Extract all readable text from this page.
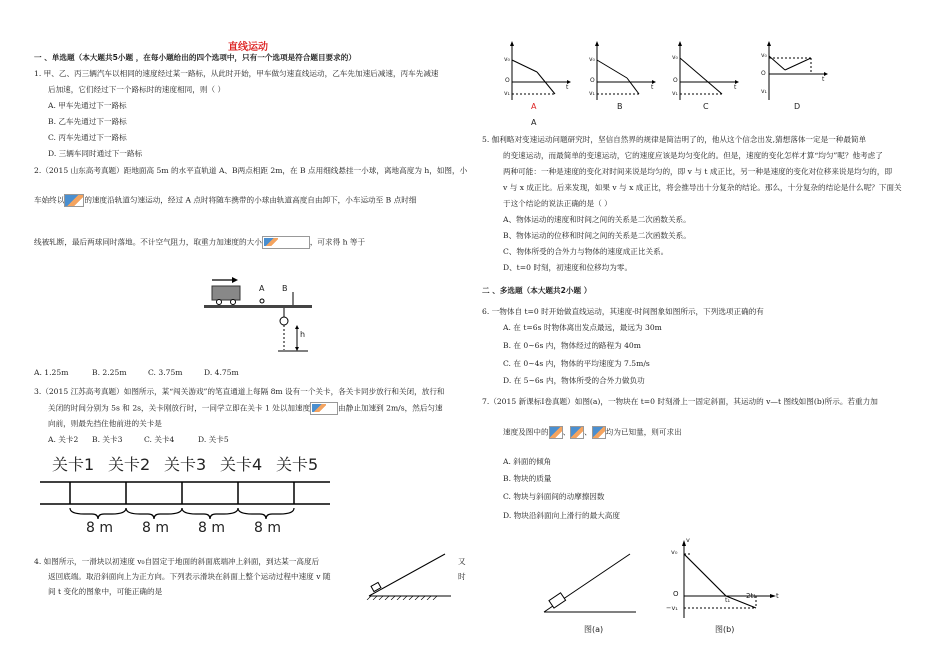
直线运动
一 、单选题（本大题共5小题 ，在每小题给出的四个选项中，只有一个选项是符合题目要求的）
1. 甲、乙、丙三辆汽车以相同的速度经过某一路标，从此时开始，甲车做匀速直线运动，乙车先加速后减速，丙车先减速
后加速，它们经过下一个路标时的速度相同，则（ ）
A. 甲车先通过下一路标
B. 乙车先通过下一路标
C. 丙车先通过下一路标
D. 三辆车同时通过下一路标
2.（2015 山东高考真题）距地面高 5m 的水平直轨道 A、B两点相距 2m，在 B 点用细线悬挂一小球，离地高度为 h，如图，小
车始终以	的速度沿轨道匀速运动，经过 A 点时将随车携带的小球由轨道高度自由卸下，小车运动至 B 点时细
线被轧断，最后两球同时落地。不计空气阻力，取重力加速度的大小	，可求得 h 等于
A B
h
A. 1.25m	B. 2.25m	C. 3.75m	D. 4.75m
3.（2015 江苏高考真题）如图所示，某“闯关游戏”的笔直通道上每隔 8m 设有一个关卡，各关卡同步放行和关闭，放行和
关闭的时间分别为 5s 和 2s，关卡刚放行时，一同学立即在关卡 1 处以加速度	由静止加速到 2m/s，然后匀速
向前，则最先挡住他前进的关卡是
A. 关卡2 B. 关卡3	C. 关卡4	D. 关卡5
关卡1 关卡2 关卡3 关卡4 关卡5
8 m 8 m 8 m 8 m
4. 如图所示，一滑块以初速度 v₀自固定于地面的斜面底端冲上斜面，到达某一高度后
返回底端。取沿斜面向上为正方向。下列表示滑块在斜面上整个运动过程中速度 v 随
间 t 变化的图象中，可能正确的是
又
时
v₀
O
v₁
t
v₀
O
v₁
t
v₀
O
v₁
t
v₀
O
v₁
t
A	B	C	D
A
5. 伽利略对变速运动问题研究时，坚信自然界的规律是简洁明了的，他从这个信念出发,猜想落体一定是一种最简单
的变速运动，而最简单的变速运动，它的速度应该是均匀变化的。但是，速度的变化怎样才算“均匀”呢？他考虑了
两种可能：一种是速度的变化对时间来说是均匀的，即 v 与 t 成正比，另一种是速度的变化对位移来说是均匀的，即
v 与 x 成正比。后来发现，如果 v 与 x 成正比，将会推导出十分复杂的结论。那么，十分复杂的结论是什么呢？下面关
于这个结论的说法正确的是（ ）
A、物体运动的速度和时间之间的关系是二次函数关系。
B、物体运动的位移和时间之间的关系是二次函数关系。
C、物体所受的合外力与物体的速度成正比关系。
D、t=0 时刻，初速度和位移均为零。
二 、多选题（本大题共2小题 ）
6. 一物体自 t=0 时开始做直线运动，其速度-时间图象如图所示，下列选项正确的有
A. 在 t=6s 时物体离出发点最远，最远为 30m
B. 在 0~6s 内，物体经过的路程为 40m
C. 在 0~4s 内，物体的平均速度为 7.5m/s
D. 在 5~6s 内，物体所受的合外力做负功
7.（2015 新课标Ⅰ卷真题）如图(a)，一物块在 t=0 时刻滑上一固定斜面，其运动的 v—t 图线如图(b)所示。若重力加
速度及图中的 、 、 均为已知量，则可求出
A. 斜面的倾角
B. 物块的质量
C. 物块与斜面间的动摩擦因数
D. 物块沿斜面向上滑行的最大高度
图(a)
v
v₀
O
−v₁
t₁ 2t₁	t
图(b)
